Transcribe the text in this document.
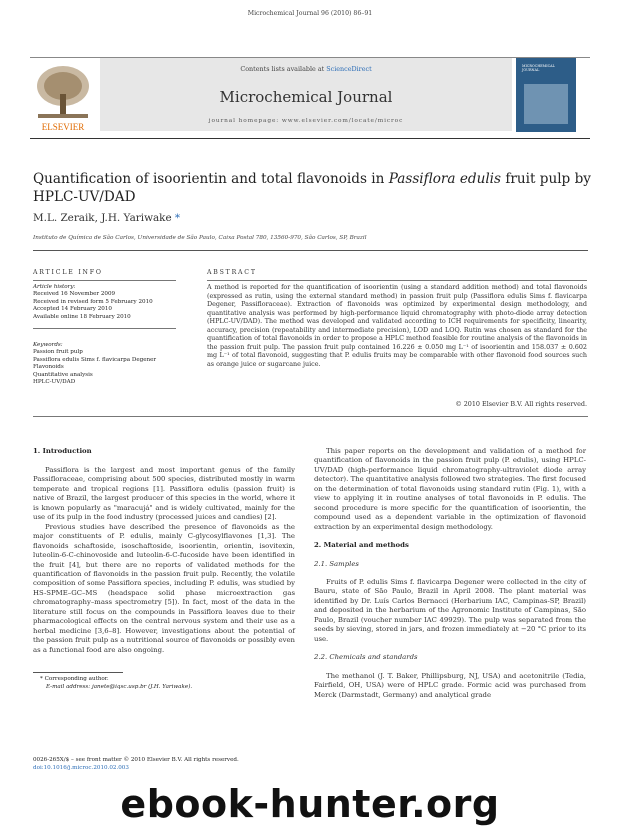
Microchemical Journal 96 (2010) 86–91
ELSEVIER
Contents lists available at ScienceDirect
Microchemical Journal
journal homepage: www.elsevier.com/locate/microc
MICROCHEMICAL JOURNAL
Quantification of isoorientin and total flavonoids in Passiflora edulis fruit pulp by HPLC-UV/DAD
M.L. Zeraik, J.H. Yariwake *
Instituto de Química de São Carlos, Universidade de São Paulo, Caixa Postal 780, 13560-970, São Carlos, SP, Brazil
ARTICLE INFO
Article history:
Received 16 November 2009
Received in revised form 5 February 2010
Accepted 14 February 2010
Available online 18 February 2010
Keywords:
Passion fruit pulp
Passiflora edulis Sims f. flavicarpa Degener
Flavonoids
Quantitative analysis
HPLC-UV/DAD
ABSTRACT
A method is reported for the quantification of isoorientin (using a standard addition method) and total flavonoids (expressed as rutin, using the external standard method) in passion fruit pulp (Passiflora edulis Sims f. flavicarpa Degener, Passifloraceae). Extraction of flavonoids was optimized by experimental design methodology, and quantitative analysis was performed by high-performance liquid chromatography with photo-diode array detection (HPLC-UV/DAD). The method was developed and validated according to ICH requirements for specificity, linearity, accuracy, precision (repeatability and intermediate precision), LOD and LOQ. Rutin was chosen as standard for the quantification of total flavonoids in order to propose a HPLC method feasible for routine analysis of the flavonoids in the passion fruit pulp. The passion fruit pulp contained 16.226 ± 0.050 mg L⁻¹ of isoorientin and 158.037 ± 0.602 mg L⁻¹ of total flavonoid, suggesting that P. edulis fruits may be comparable with other flavonoid food sources such as orange juice or sugarcane juice.
© 2010 Elsevier B.V. All rights reserved.
1. Introduction

Passiflora is the largest and most important genus of the family Passifloraceae, comprising about 500 species, distributed mostly in warm temperate and tropical regions [1]. Passiflora edulis (passion fruit) is native of Brazil, the largest producer of this species in the world, where it is known popularly as "maracujá" and is widely cultivated, mainly for the use of its pulp in the food industry (processed juices and candies) [2].

Previous studies have described the presence of flavonoids as the major constituents of P. edulis, mainly C-glycosylflavones [1,3]. The flavonoids schaftoside, isoschaftoside, isoorientin, orientin, isovitexin, luteolin-6-C-chinovoside and luteolin-6-C-fucoside have been identified in the fruit [4], but there are no reports of validated methods for the quantification of flavonoids in the passion fruit pulp. Recently, the volatile composition of some Passiflora species, including P. edulis, was studied by HS-SPME–GC–MS (headspace solid phase microextraction gas chromatography–mass spectrometry [5]). In fact, most of the data in the literature still focus on the compounds in Passiflora leaves due to their pharmacological effects on the central nervous system and their use as a herbal medicine [3,6–8]. However, investigations about the potential of the passion fruit pulp as a nutritional source of flavonoids or possibly even as a functional food are also ongoing.

This paper reports on the development and validation of a method for quantification of flavonoids in the passion fruit pulp (P. edulis), using HPLC-UV/DAD (high-performance liquid chromatography-ultraviolet diode array detector). The quantitative analysis followed two strategies. The first focused on the determination of total flavonoids using standard rutin (Fig. 1), with a view to applying it in routine analyses of total flavonoids in P. edulis. The second procedure is more specific for the quantification of isoorientin, the compound used as a dependent variable in the optimization of flavonoid extraction by an experimental design methodology.

2. Material and methods
2.1. Samples

Fruits of P. edulis Sims f. flavicarpa Degener were collected in the city of Bauru, state of São Paulo, Brazil in April 2008. The plant material was identified by Dr. Luís Carlos Bernacci (Herbarium IAC, Campinas-SP, Brazil) and deposited in the herbarium of the Agronomic Institute of Campinas, São Paulo, Brazil (voucher number IAC 49929). The pulp was separated from the seeds by sieving, stored in jars, and frozen immediately at −20 °C prior to its use.

2.2. Chemicals and standards

The methanol (J. T. Baker, Phillipsburg, NJ, USA) and acetonitrile (Tedia, Fairfield, OH, USA) were of HPLC grade. Formic acid was purchased from Merck (Darmstadt, Germany) and analytical grade

* Corresponding author.
E-mail address: janete@iqsc.usp.br (J.H. Yariwake).
0026-265X/$ – see front matter © 2010 Elsevier B.V. All rights reserved.
doi:10.1016/j.microc.2010.02.003
ebook-hunter.org
